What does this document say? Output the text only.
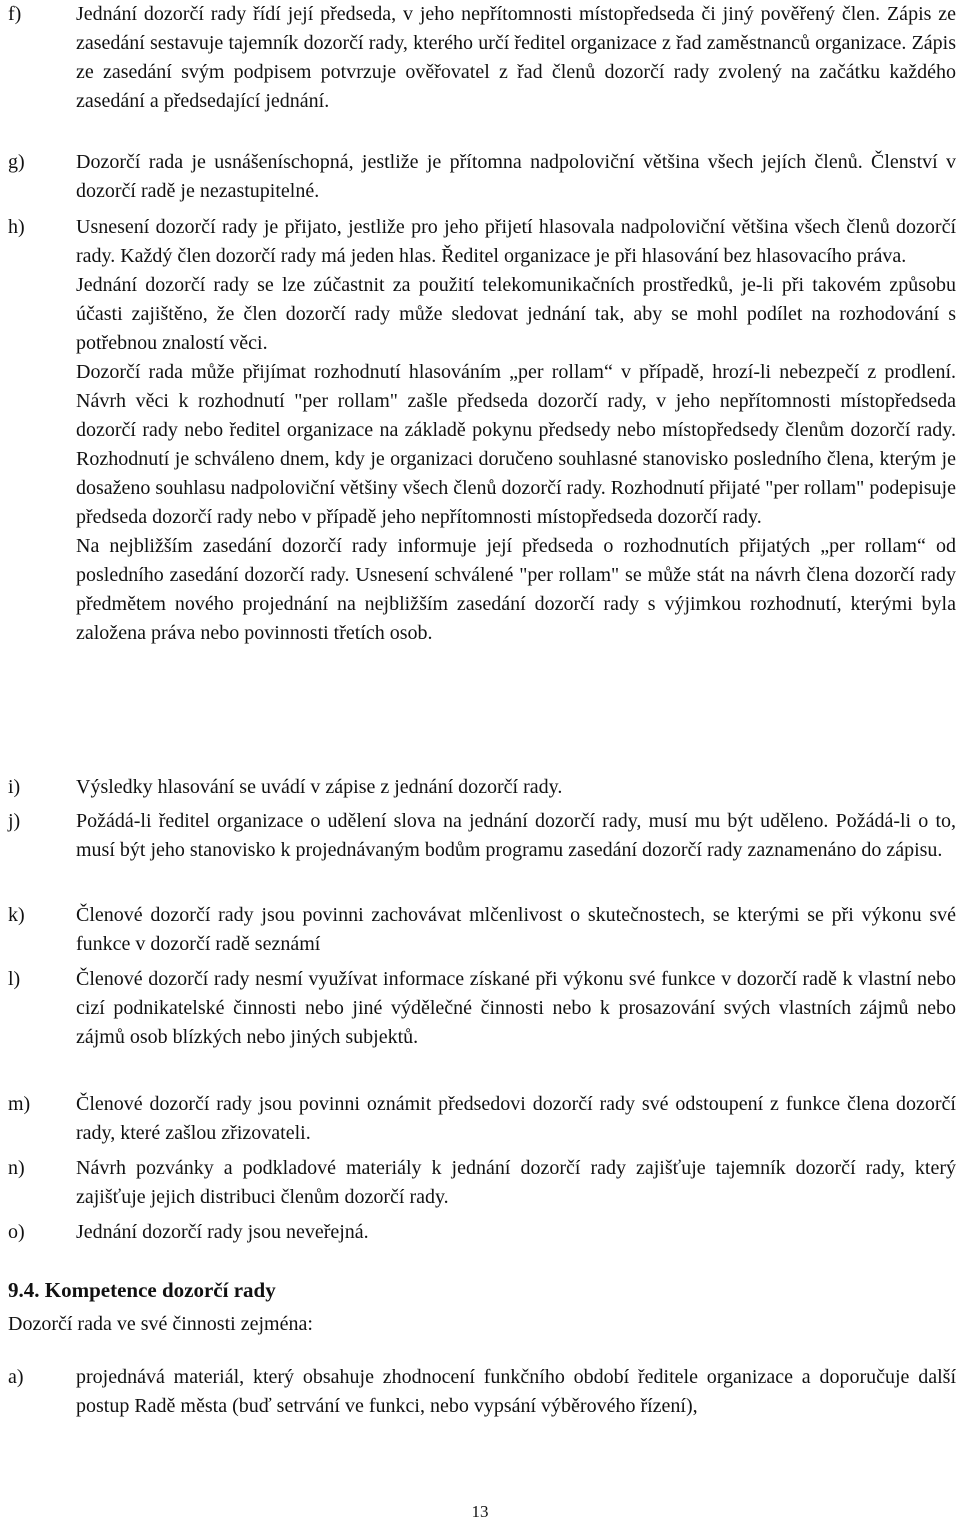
f)	Jednání dozorčí rady řídí její předseda, v jeho nepřítomnosti místopředseda či jiný pověřený člen. Zápis ze zasedání sestavuje tajemník dozorčí rady, kterého určí ředitel organizace z řad zaměstnanců organizace. Zápis ze zasedání svým podpisem potvrzuje ověřovatel z řad členů dozorčí rady zvolený na začátku každého zasedání a předsedající jednání.

g)	Dozorčí rada je usnášeníschopná, jestliže je přítomna nadpoloviční většina všech jejích členů. Členství v dozorčí radě je nezastupitelné.

h)	Usnesení dozorčí rady je přijato, jestliže pro jeho přijetí hlasovala nadpoloviční většina všech členů dozorčí rady. Každý člen dozorčí rady má jeden hlas. Ředitel organizace je při hlasování bez hlasovacího práva.

Jednání dozorčí rady se lze zúčastnit za použití telekomunikačních prostředků, je-li při takovém způsobu účasti zajištěno, že člen dozorčí rady může sledovat jednání tak, aby se mohl podílet na rozhodování s potřebnou znalostí věci.

Dozorčí rada může přijímat rozhodnutí hlasováním „per rollam“ v případě, hrozí-li nebezpečí z prodlení. Návrh věci k rozhodnutí "per rollam" zašle předseda dozorčí rady, v jeho nepřítomnosti místopředseda dozorčí rady nebo ředitel organizace na základě pokynu předsedy nebo místopředsedy členům dozorčí rady. Rozhodnutí je schváleno dnem, kdy je organizaci doručeno souhlasné stanovisko posledního člena, kterým je dosaženo souhlasu nadpoloviční většiny všech členů dozorčí rady. Rozhodnutí přijaté "per rollam" podepisuje předseda dozorčí rady nebo v případě jeho nepřítomnosti místopředseda dozorčí rady.

Na nejbližším zasedání dozorčí rady informuje její předseda o rozhodnutích přijatých „per rollam“ od posledního zasedání dozorčí rady. Usnesení schválené "per rollam" se může stát na návrh člena dozorčí rady předmětem nového projednání na nejbližším zasedání dozorčí rady s výjimkou rozhodnutí, kterými byla založena práva nebo povinnosti třetích osob.

i)	Výsledky hlasování se uvádí v zápise z jednání dozorčí rady.

j)	Požádá-li ředitel organizace o udělení slova na jednání dozorčí rady, musí mu být uděleno. Požádá-li o to, musí být jeho stanovisko k projednávaným bodům programu zasedání dozorčí rady zaznamenáno do zápisu.

k)	Členové dozorčí rady jsou povinni zachovávat mlčenlivost o skutečnostech, se kterými se při výkonu své funkce v dozorčí radě seznámí

l)	Členové dozorčí rady nesmí využívat informace získané při výkonu své funkce v dozorčí radě k vlastní nebo cizí podnikatelské činnosti nebo jiné výdělečné činnosti nebo k prosazování svých vlastních zájmů nebo zájmů osob blízkých nebo jiných subjektů.

m)	Členové dozorčí rady jsou povinni oznámit předsedovi dozorčí rady své odstoupení z funkce člena dozorčí rady, které zašlou zřizovateli.

n)	Návrh pozvánky a podkladové materiály k jednání dozorčí rady zajišťuje tajemník dozorčí rady, který zajišťuje jejich distribuci členům dozorčí rady.

o)	Jednání dozorčí rady jsou neveřejná.

9.4. Kompetence dozorčí rady
Dozorčí rada ve své činnosti zejména:
a)	projednává materiál, který obsahuje zhodnocení funkčního období ředitele organizace a doporučuje další postup Radě města (buď setrvání ve funkci, nebo vypsání výběrového řízení),

13
